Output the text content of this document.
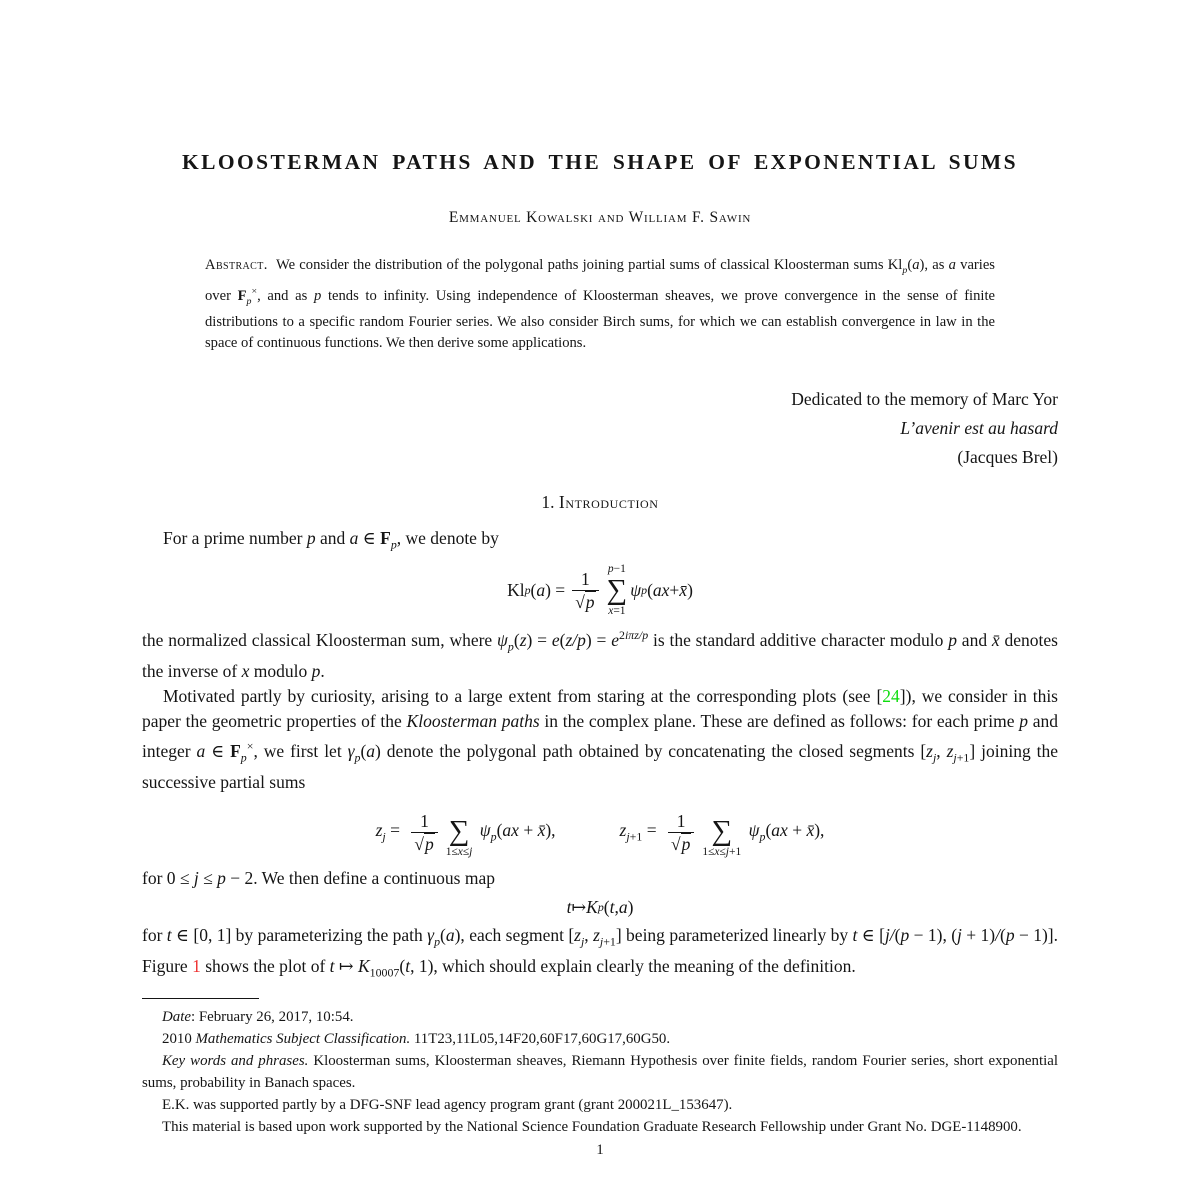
KLOOSTERMAN PATHS AND THE SHAPE OF EXPONENTIAL SUMS
Emmanuel Kowalski and William F. Sawin

Abstract. We consider the distribution of the polygonal paths joining partial sums of classical Kloosterman sums $Kl_p(a)$, as a varies over $F_p^\times$, and as p tends to infinity. Using independence of Kloosterman sheaves, we prove convergence in the sense of finite distributions to a specific random Fourier series. We also consider Birch sums, for which we can establish convergence in law in the space of continuous functions. We then derive some applications.

Dedicated to the memory of Marc Yor
L’avenir est au hasard
(Jacques Brel)
1. Introduction

For a prime number p and a ∈ $F_p$, we denote by

Kl p ( a ) = $\frac{1}{√p}$
p−1
∑
x=1
ψ p ( ax + x̄ )

the normalized classical Kloosterman sum, where $\psi_p(z) = e(z/p) = e^{2i\pi z/p}$ is the standard additive character modulo p and x̄ denotes the inverse of x modulo p.

Motivated partly by curiosity, arising to a large extent from staring at the corresponding plots (see [24]), we consider in this paper the geometric properties of the Kloosterman paths in the complex plane. These are defined as follows: for each prime p and integer a ∈ $F_p^\times$, we first let $\gamma_p(a)$ denote the polygonal path obtained by concatenating the closed segments [$z_j$, $z_{j+1}$] joining the successive partial sums

$z_j = \frac{1}{√p}$
∑
1≤x≤j
$\psi_p(ax$ + x̄),	$z_{j+1} = \frac{1}{√p}$
∑
1≤x≤j+1
$\psi_p(ax$ + x̄),

for 0 ≤ j ≤ p − 2. We then define a continuous map

t ↦ K p ( t , a )

for t ∈ [0, 1] by parameterizing the path $\gamma_p(a)$, each segment [$z_j$, $z_{j+1}$] being parameterized linearly by t ∈ [j/(p − 1), (j + 1)/(p − 1)]. Figure 1 shows the plot of t ↦ $K_{10007}(t$, 1), which should explain clearly the meaning of the definition.

Date: February 26, 2017, 10:54.

2010 Mathematics Subject Classification. 11T23,11L05,14F20,60F17,60G17,60G50.

Key words and phrases. Kloosterman sums, Kloosterman sheaves, Riemann Hypothesis over finite fields, random Fourier series, short exponential sums, probability in Banach spaces.

E.K. was supported partly by a DFG-SNF lead agency program grant (grant 200021L_153647).

This material is based upon work supported by the National Science Foundation Graduate Research Fellowship under Grant No. DGE-1148900.

1
